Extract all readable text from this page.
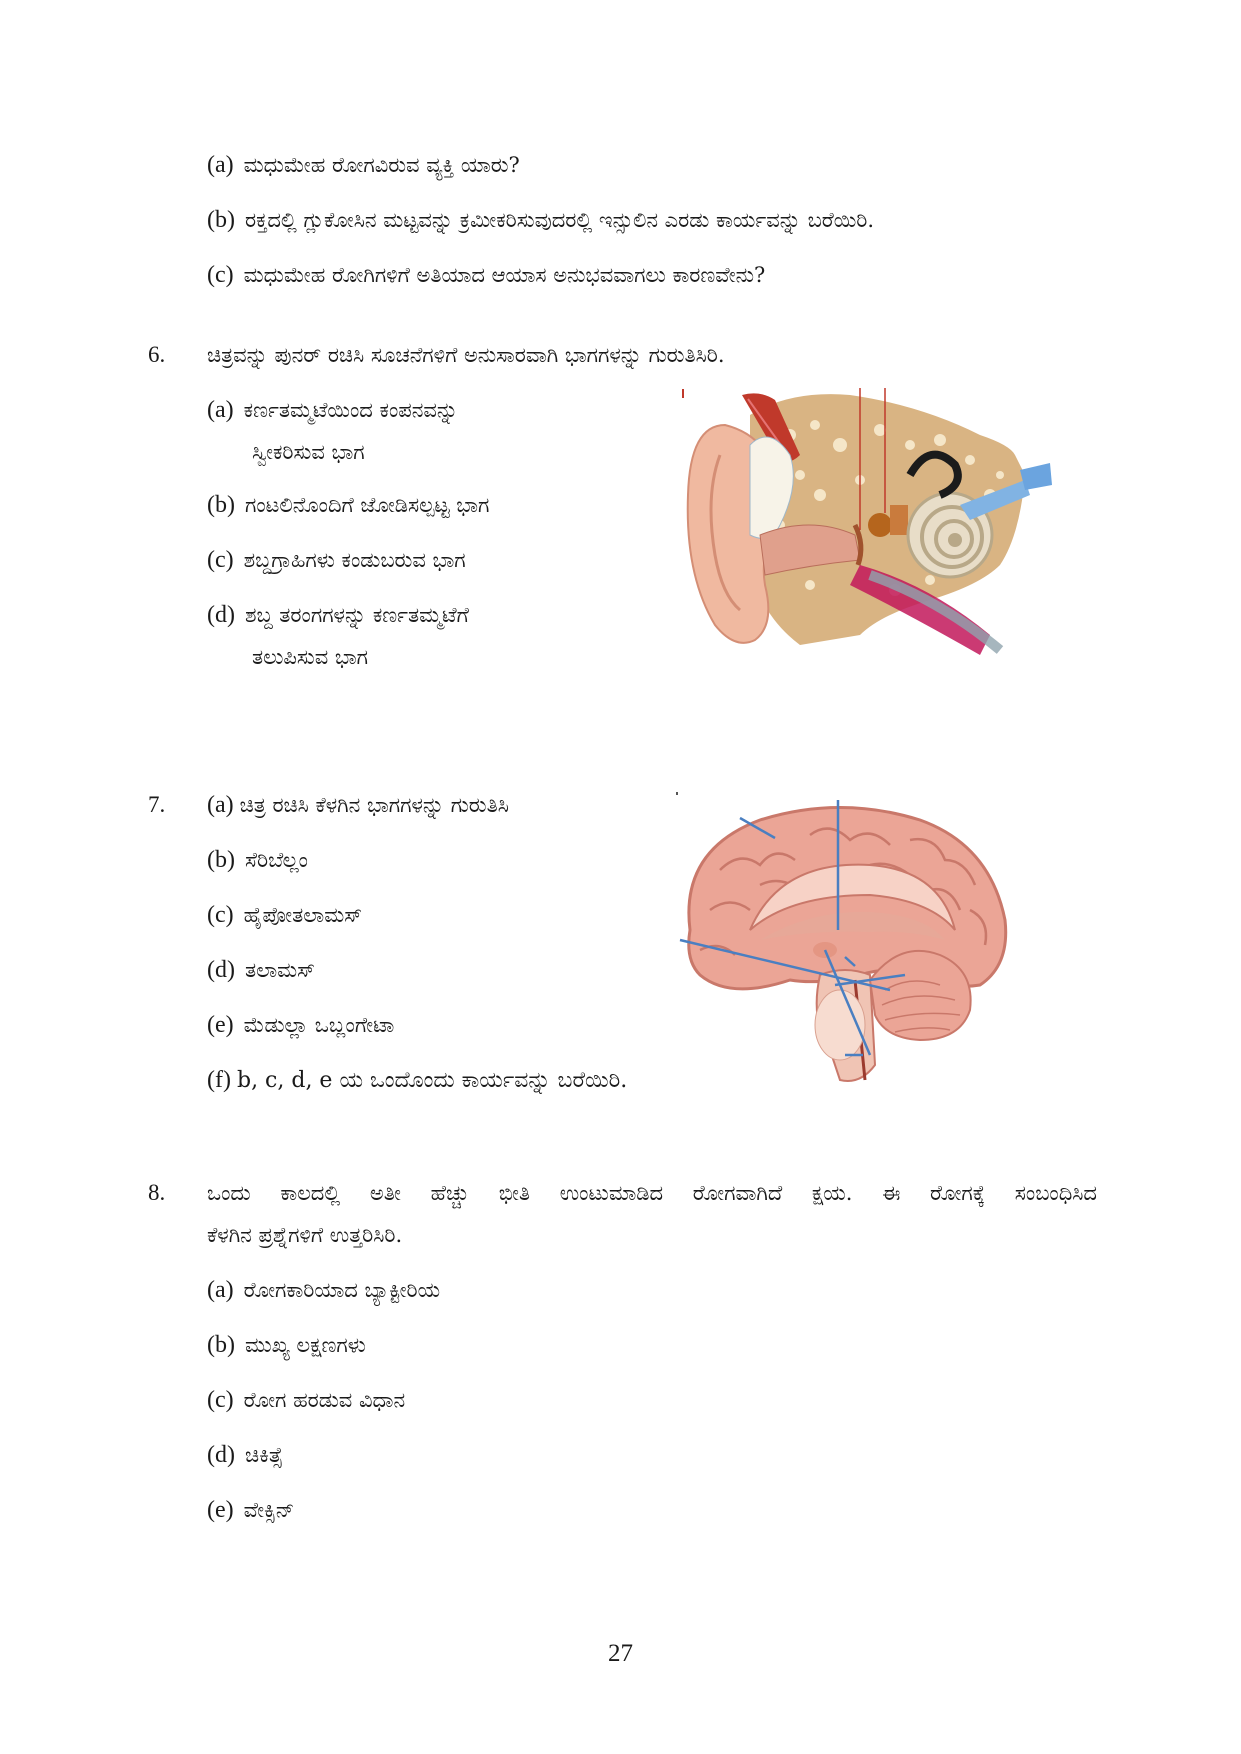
(a) ಮಧುಮೇಹ ರೋಗವಿರುವ ವ್ಯಕ್ತಿ ಯಾರು?
(b) ರಕ್ತದಲ್ಲಿ ಗ್ಲುಕೋಸಿನ ಮಟ್ಟವನ್ನು ಕ್ರಮೀಕರಿಸುವುದರಲ್ಲಿ ಇನ್ಸುಲಿನ ಎರಡು ಕಾರ್ಯವನ್ನು ಬರೆಯಿರಿ.
(c) ಮಧುಮೇಹ ರೋಗಿಗಳಿಗೆ ಅತಿಯಾದ ಆಯಾಸ ಅನುಭವವಾಗಲು ಕಾರಣವೇನು?
6. ಚಿತ್ರವನ್ನು ಪುನರ್ ರಚಿಸಿ ಸೂಚನೆಗಳಿಗೆ ಅನುಸಾರವಾಗಿ ಭಾಗಗಳನ್ನು ಗುರುತಿಸಿರಿ.
(a) ಕರ್ಣತಮ್ಮಟೆಯಿಂದ ಕಂಪನವನ್ನು
ಸ್ವೀಕರಿಸುವ ಭಾಗ
(b) ಗಂಟಲಿನೊಂದಿಗೆ ಜೋಡಿಸಲ್ಪಟ್ಟ ಭಾಗ
(c) ಶಬ್ದಗ್ರಾಹಿಗಳು ಕಂಡುಬರುವ ಭಾಗ
(d) ಶಬ್ದ ತರಂಗಗಳನ್ನು ಕರ್ಣತಮ್ಮಟೆಗೆ
ತಲುಪಿಸುವ ಭಾಗ
7. (a) ಚಿತ್ರ ರಚಿಸಿ ಕೆಳಗಿನ ಭಾಗಗಳನ್ನು ಗುರುತಿಸಿ
(b) ಸೆರಿಬೆಲ್ಲಂ
(c) ಹೈಪೋತಲಾಮಸ್
(d) ತಲಾಮಸ್
(e) ಮೆಡುಲ್ಲಾ ಒಬ್ಲಂಗೇಟಾ
(f) b, c, d, e ಯ ಒಂದೊಂದು ಕಾರ್ಯವನ್ನು ಬರೆಯಿರಿ.
8. ಒಂದು ಕಾಲದಲ್ಲಿ ಅತೀ ಹೆಚ್ಚು ಭೀತಿ ಉಂಟುಮಾಡಿದ ರೋಗವಾಗಿದೆ ಕ್ಷಯ. ಈ ರೋಗಕ್ಕೆ ಸಂಬಂಧಿಸಿದ
ಕೆಳಗಿನ ಪ್ರಶ್ನೆಗಳಿಗೆ ಉತ್ತರಿಸಿರಿ.
(a) ರೋಗಕಾರಿಯಾದ ಬ್ಯಾಕ್ಟೀರಿಯ
(b) ಮುಖ್ಯ ಲಕ್ಷಣಗಳು
(c) ರೋಗ ಹರಡುವ ವಿಧಾನ
(d) ಚಿಕಿತ್ಸೆ
(e) ವೇಕ್ಸಿನ್
27
